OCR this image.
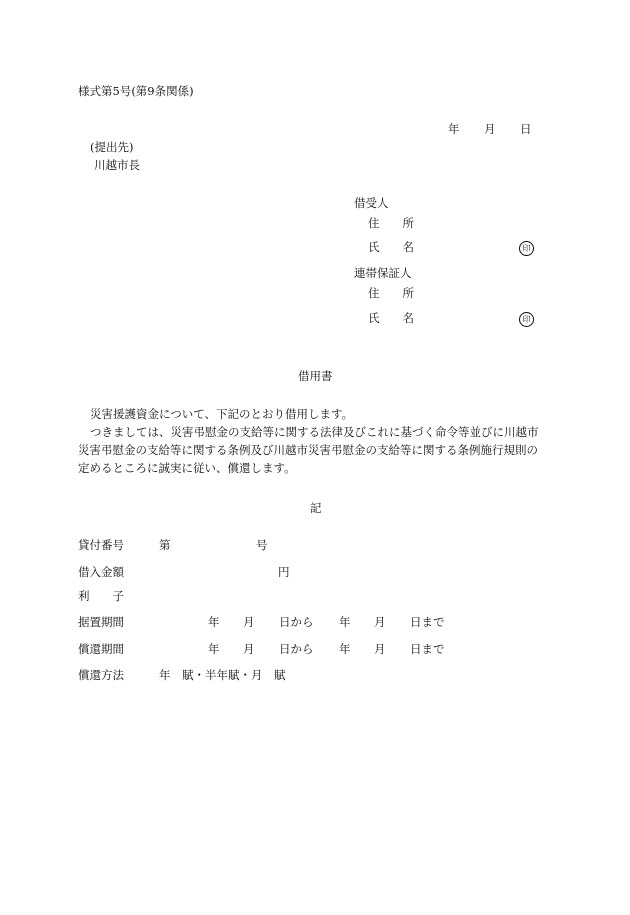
様式第5号(第9条関係)
年 月 日
(提出先)
川越市長
借受人
住　　所
氏　　名	印
連帯保証人
住　　所
氏　　名	印
借用書
災害援護資金について、下記のとおり借用します。
つきましては、災害弔慰金の支給等に関する法律及びこれに基づく命令等並びに川越市
災害弔慰金の支給等に関する条例及び川越市災害弔慰金の支給等に関する条例施行規則の
定めるところに誠実に従い、償還します。
記
貸付番号	第	号
借入金額	円
利　　子
据置期間	年 月 日から 年 月 日まで
償還期間	年 月 日から 年 月 日まで
償還方法	年　賦・半年賦・月　賦
